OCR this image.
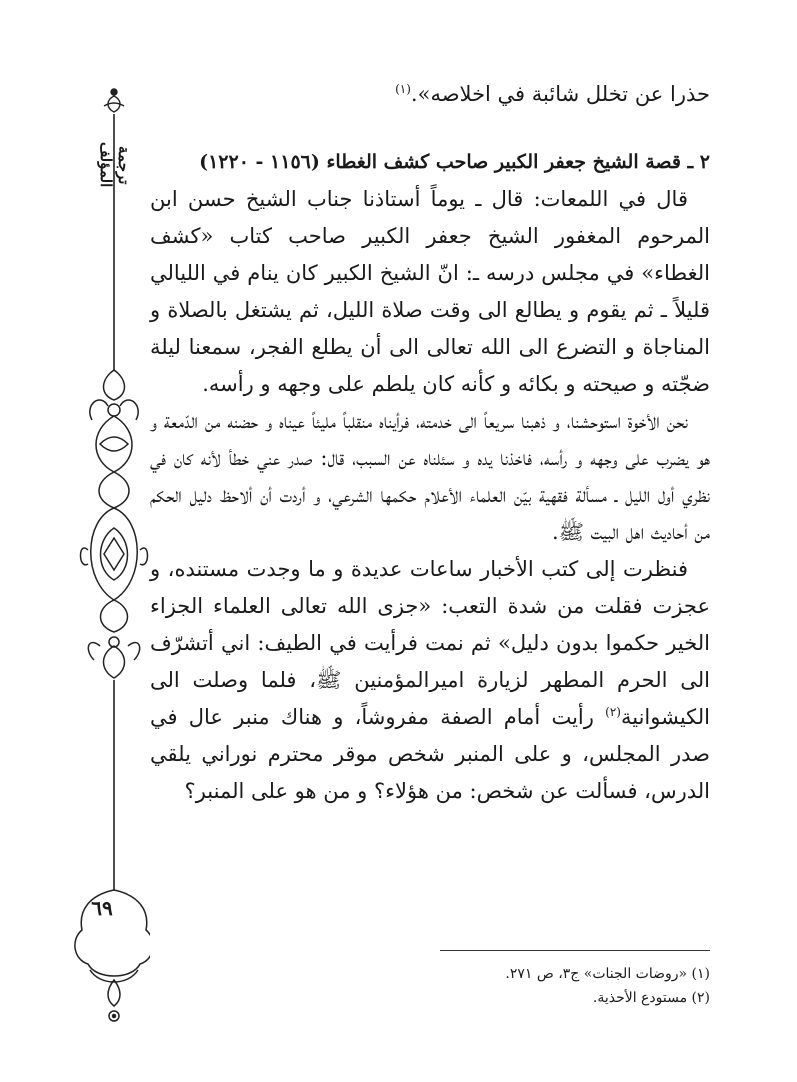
ترجمة المؤلف
٦٩

حذرا عن تخلل شائبة في اخلاصه».$^{(١)}$

٢ ـ قصة الشيخ جعفر الكبير صاحب كشف الغطاء (١١٥٦ - ١٢٢٠)

قال في اللمعات: قال ـ يوماً أستاذنا جناب الشيخ حسن ابن المرحوم المغفور الشيخ جعفر الكبير صاحب كتاب «كشف الغطاء» في مجلس درسه ـ: انّ الشيخ الكبير كان ينام في الليالي قليلاً ـ ثم يقوم و يطالع الى وقت صلاة الليل، ثم يشتغل بالصلاة و المناجاة و التضرع الى الله تعالى الى أن يطلع الفجر، سمعنا ليلة ضجّته و صيحته و بكائه و كأنه كان يلطم على وجهه و رأسه.

نحن الأخوة استوحشنا، و ذهبنا سريعاً الى خدمته، فرأيناه منقلباً مليئاً عيناه و حضنه من الدّمعة و هو يضرب على وجهه و رأسه، فاخذنا يده و سئلناه عن السبب، قال: صدر عني خطأ لأنه كان في نظري أول الليل ـ مسألة فقهية بيّن العلماء الأعلام حكمها الشرعي، و أردت أن ألاحظ دليل الحكم من أحاديث اهل البيت ﷺ.

فنظرت إلى كتب الأخبار ساعات عديدة و ما وجدت مستنده، و عجزت فقلت من شدة التعب: «جزى الله تعالى العلماء الجزاء الخير حكموا بدون دليل» ثم نمت فرأيت في الطيف: اني أتشرّف الى الحرم المطهر لزيارة اميرالمؤمنين ﷺ، فلما وصلت الى الكيشوانية$^{(٢)}$ رأيت أمام الصفة مفروشاً، و هناك منبر عال في صدر المجلس، و على المنبر شخص موقر محترم نوراني يلقي الدرس، فسألت عن شخص: من هؤلاء؟ و من هو على المنبر؟

(١) «روضات الجنات» ج٣، ص ٢٧١.

(٢) مستودع الأحذية.
